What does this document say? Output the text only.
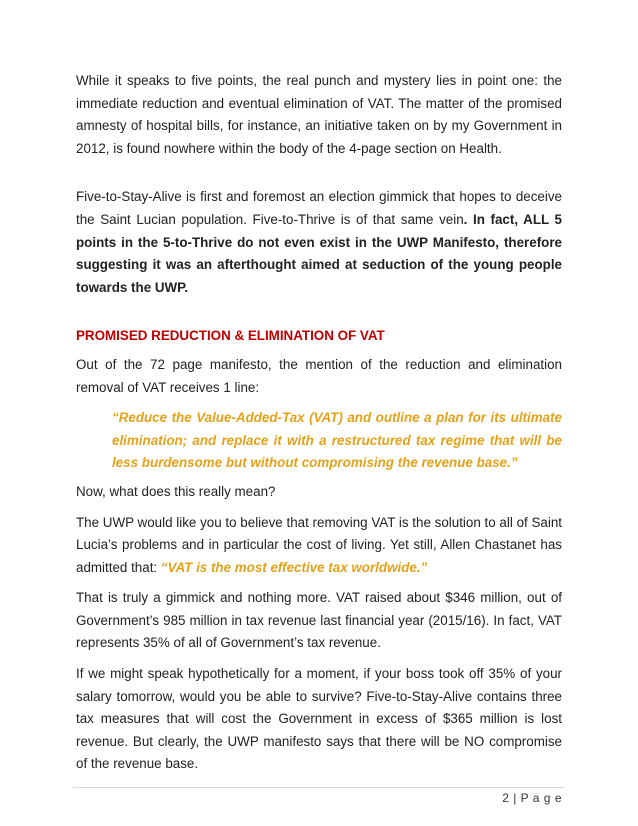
While it speaks to five points, the real punch and mystery lies in point one: the immediate reduction and eventual elimination of VAT. The matter of the promised amnesty of hospital bills, for instance, an initiative taken on by my Government in 2012, is found nowhere within the body of the 4-page section on Health.

Five-to-Stay-Alive is first and foremost an election gimmick that hopes to deceive the Saint Lucian population. Five-to-Thrive is of that same vein. In fact, ALL 5 points in the 5-to-Thrive do not even exist in the UWP Manifesto, therefore suggesting it was an afterthought aimed at seduction of the young people towards the UWP.

PROMISED REDUCTION & ELIMINATION OF VAT

Out of the 72 page manifesto, the mention of the reduction and elimination removal of VAT receives 1 line:

“Reduce the Value-Added-Tax (VAT) and outline a plan for its ultimate elimination; and replace it with a restructured tax regime that will be less burdensome but without compromising the revenue base.”

Now, what does this really mean?

The UWP would like you to believe that removing VAT is the solution to all of Saint Lucia’s problems and in particular the cost of living. Yet still, Allen Chastanet has admitted that: “VAT is the most effective tax worldwide.”

That is truly a gimmick and nothing more. VAT raised about $346 million, out of Government’s 985 million in tax revenue last financial year (2015/16). In fact, VAT represents 35% of all of Government’s tax revenue.

If we might speak hypothetically for a moment, if your boss took off 35% of your salary tomorrow, would you be able to survive? Five-to-Stay-Alive contains three tax measures that will cost the Government in excess of $365 million is lost revenue. But clearly, the UWP manifesto says that there will be NO compromise of the revenue base.

2 | P a g e
